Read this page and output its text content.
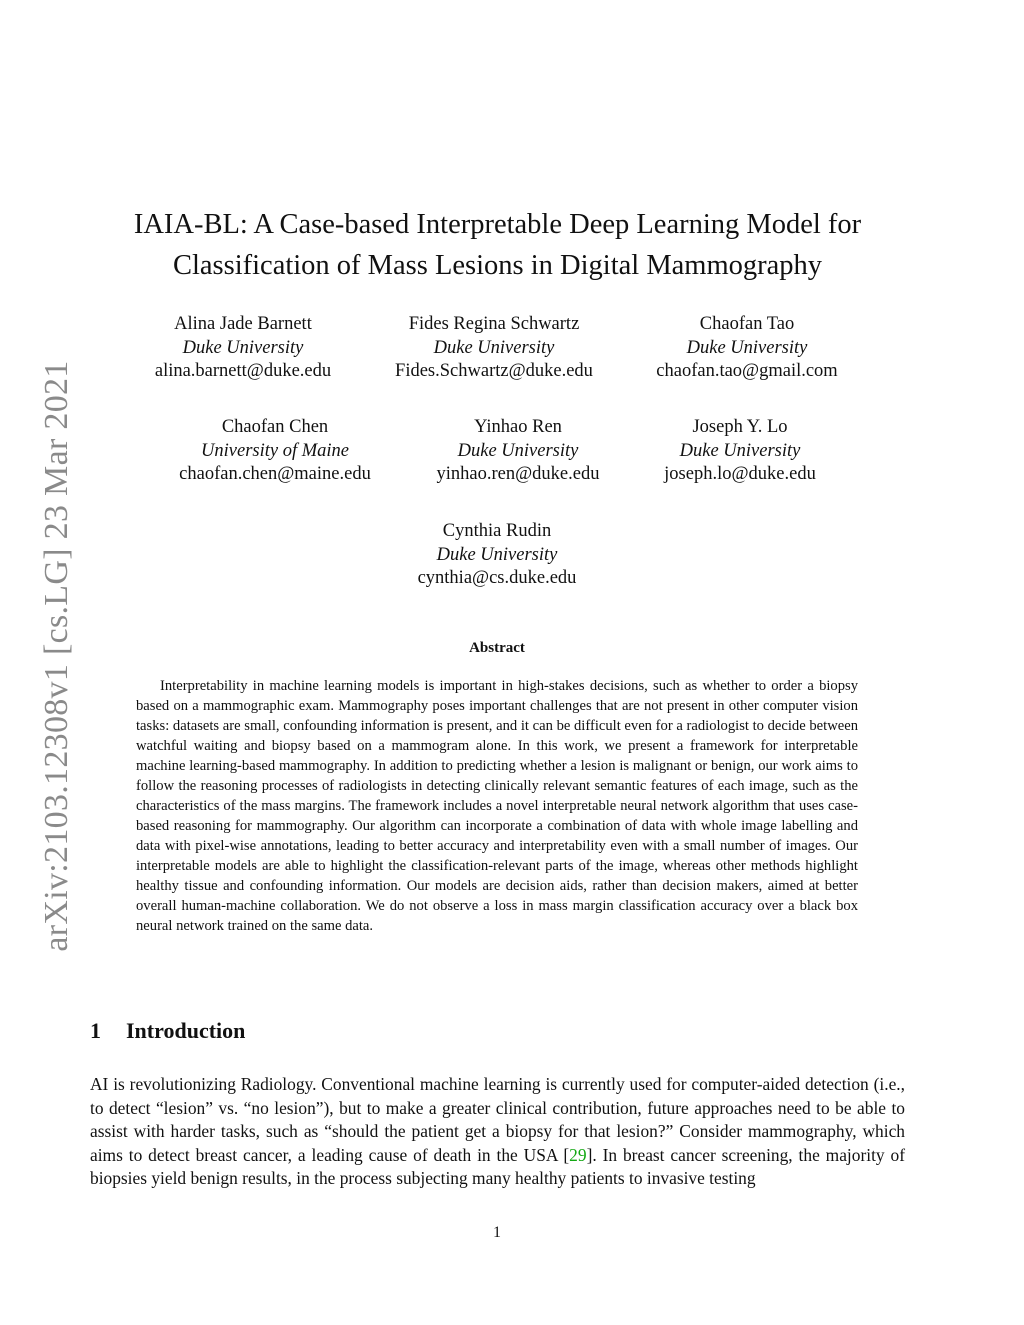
arXiv:2103.12308v1 [cs.LG] 23 Mar 2021
IAIA-BL: A Case-based Interpretable Deep Learning Model for
Classification of Mass Lesions in Digital Mammography
Alina Jade Barnett
Duke University
alina.barnett@duke.edu
Fides Regina Schwartz
Duke University
Fides.Schwartz@duke.edu
Chaofan Tao
Duke University
chaofan.tao@gmail.com
Chaofan Chen
University of Maine
chaofan.chen@maine.edu
Yinhao Ren
Duke University
yinhao.ren@duke.edu
Joseph Y. Lo
Duke University
joseph.lo@duke.edu
Cynthia Rudin
Duke University
cynthia@cs.duke.edu
Abstract

Interpretability in machine learning models is important in high-stakes decisions, such as whether to order a biopsy based on a mammographic exam. Mammography poses important challenges that are not present in other computer vision tasks: datasets are small, confounding information is present, and it can be difficult even for a radiologist to decide between watchful waiting and biopsy based on a mammogram alone. In this work, we present a framework for interpretable machine learning-based mammography. In addition to predicting whether a lesion is malignant or benign, our work aims to follow the reasoning processes of radiologists in detecting clinically relevant semantic features of each image, such as the characteristics of the mass margins. The framework includes a novel interpretable neural network algorithm that uses case-based reasoning for mammography. Our algorithm can incorporate a combination of data with whole image labelling and data with pixel-wise annotations, leading to better accuracy and interpretability even with a small number of images. Our interpretable models are able to highlight the classification-relevant parts of the image, whereas other methods highlight healthy tissue and confounding information. Our models are decision aids, rather than decision makers, aimed at better overall human-machine collaboration. We do not observe a loss in mass margin classification accuracy over a black box neural network trained on the same data.

1 Introduction

AI is revolutionizing Radiology. Conventional machine learning is currently used for computer-aided detection (i.e., to detect “lesion” vs. “no lesion”), but to make a greater clinical contribution, future approaches need to be able to assist with harder tasks, such as “should the patient get a biopsy for that lesion?” Consider mammography, which aims to detect breast cancer, a leading cause of death in the USA [29]. In breast cancer screening, the majority of biopsies yield benign results, in the process subjecting many healthy patients to invasive testing

1
